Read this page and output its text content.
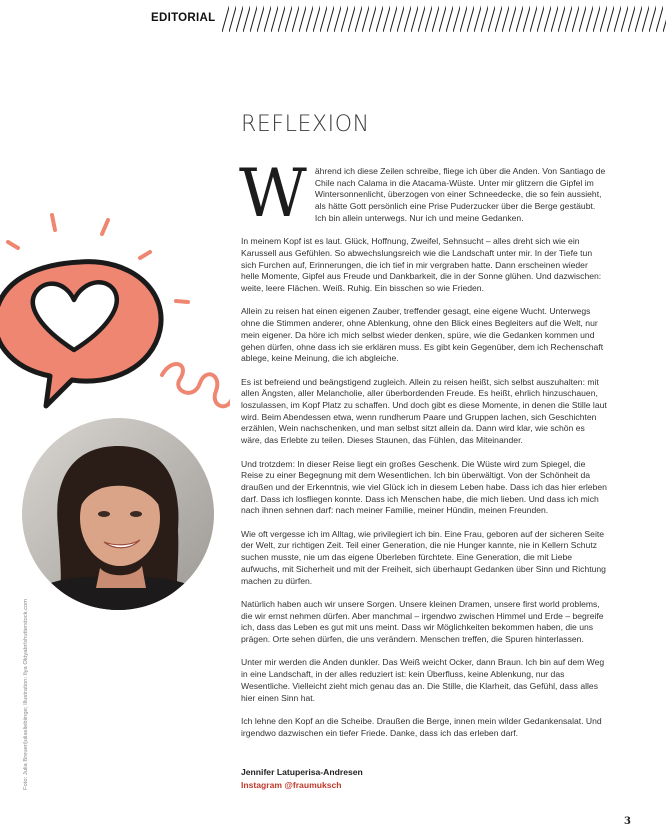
EDITORIAL
REFLEXION

Während ich diese Zeilen schreibe, fliege ich über die Anden. Von Santiago de Chile nach Calama in die Atacama-Wüste. Unter mir glitzern die Gipfel im Wintersonnenlicht, überzogen von einer Schneedecke, die so fein aussieht, als hätte Gott persönlich eine Prise Puderzucker über die Berge gestäubt. Ich bin allein unterwegs. Nur ich und meine Gedanken.

In meinem Kopf ist es laut. Glück, Hoffnung, Zweifel, Sehnsucht – alles dreht sich wie ein Karussell aus Gefühlen. So abwechslungsreich wie die Landschaft unter mir. In der Tiefe tun sich Furchen auf, Erinnerungen, die ich tief in mir vergraben hatte. Dann erscheinen wieder helle Momente, Gipfel aus Freude und Dankbarkeit, die in der Sonne glühen. Und dazwischen: weite, leere Flächen. Weiß. Ruhig. Ein bisschen so wie Frieden.

Allein zu reisen hat einen eigenen Zauber, treffender gesagt, eine eigene Wucht. Unterwegs ohne die Stimmen anderer, ohne Ablenkung, ohne den Blick eines Begleiters auf die Welt, nur mein eigener. Da höre ich mich selbst wieder denken, spüre, wie die Gedanken kommen und gehen dürfen, ohne dass ich sie erklären muss. Es gibt kein Gegenüber, dem ich Rechenschaft ablege, keine Meinung, die ich abgleiche.

Es ist befreiend und beängstigend zugleich. Allein zu reisen heißt, sich selbst auszuhalten: mit allen Ängsten, aller Melancholie, aller überbordenden Freude. Es heißt, ehrlich hinzuschauen, loszulassen, im Kopf Platz zu schaffen. Und doch gibt es diese Momente, in denen die Stille laut wird. Beim Abendessen etwa, wenn rundherum Paare und Gruppen lachen, sich Geschichten erzählen, Wein nachschenken, und man selbst sitzt allein da. Dann wird klar, wie schön es wäre, das Erlebte zu teilen. Dieses Staunen, das Fühlen, das Miteinander.

Und trotzdem: In dieser Reise liegt ein großes Geschenk. Die Wüste wird zum Spiegel, die Reise zu einer Begegnung mit dem Wesentlichen. Ich bin überwältigt. Von der Schönheit da draußen und der Erkenntnis, wie viel Glück ich in diesem Leben habe. Dass ich das hier erleben darf. Dass ich losfliegen konnte. Dass ich Menschen habe, die mich lieben. Und dass ich mich nach ihnen sehnen darf: nach meiner Familie, meiner Hündin, meinen Freunden.

Wie oft vergesse ich im Alltag, wie privilegiert ich bin. Eine Frau, geboren auf der sicheren Seite der Welt, zur richtigen Zeit. Teil einer Generation, die nie Hunger kannte, nie in Kellern Schutz suchen musste, nie um das eigene Überleben fürchtete. Eine Generation, die mit Liebe aufwuchs, mit Sicherheit und mit der Freiheit, sich überhaupt Gedanken über Sinn und Richtung machen zu dürfen.

Natürlich haben auch wir unsere Sorgen. Unsere kleinen Dramen, unsere first world problems, die wir ernst nehmen dürfen. Aber manchmal – irgendwo zwischen Himmel und Erde – begreife ich, dass das Leben es gut mit uns meint. Dass wir Möglichkeiten bekommen haben, die uns prägen. Orte sehen dürfen, die uns verändern. Menschen treffen, die Spuren hinterlassen.

Unter mir werden die Anden dunkler. Das Weiß weicht Ocker, dann Braun. Ich bin auf dem Weg in eine Landschaft, in der alles reduziert ist: kein Überfluss, keine Ablenkung, nur das Wesentliche. Vielleicht zieht mich genau das an. Die Stille, die Klarheit, das Gefühl, dass alles hier einen Sinn hat.

Ich lehne den Kopf an die Scheibe. Draußen die Berge, innen mein wilder Gedankensalat. Und irgendwo dazwischen ein tiefer Friede. Danke, dass ich das erleben darf.

Jennifer Latuperisa-Andresen
Instagram @fraumuksch
Foto: Julia Breuer/juliasliebiinge; Illustration: Ilya Oktyabr/shutterstock.com
3
